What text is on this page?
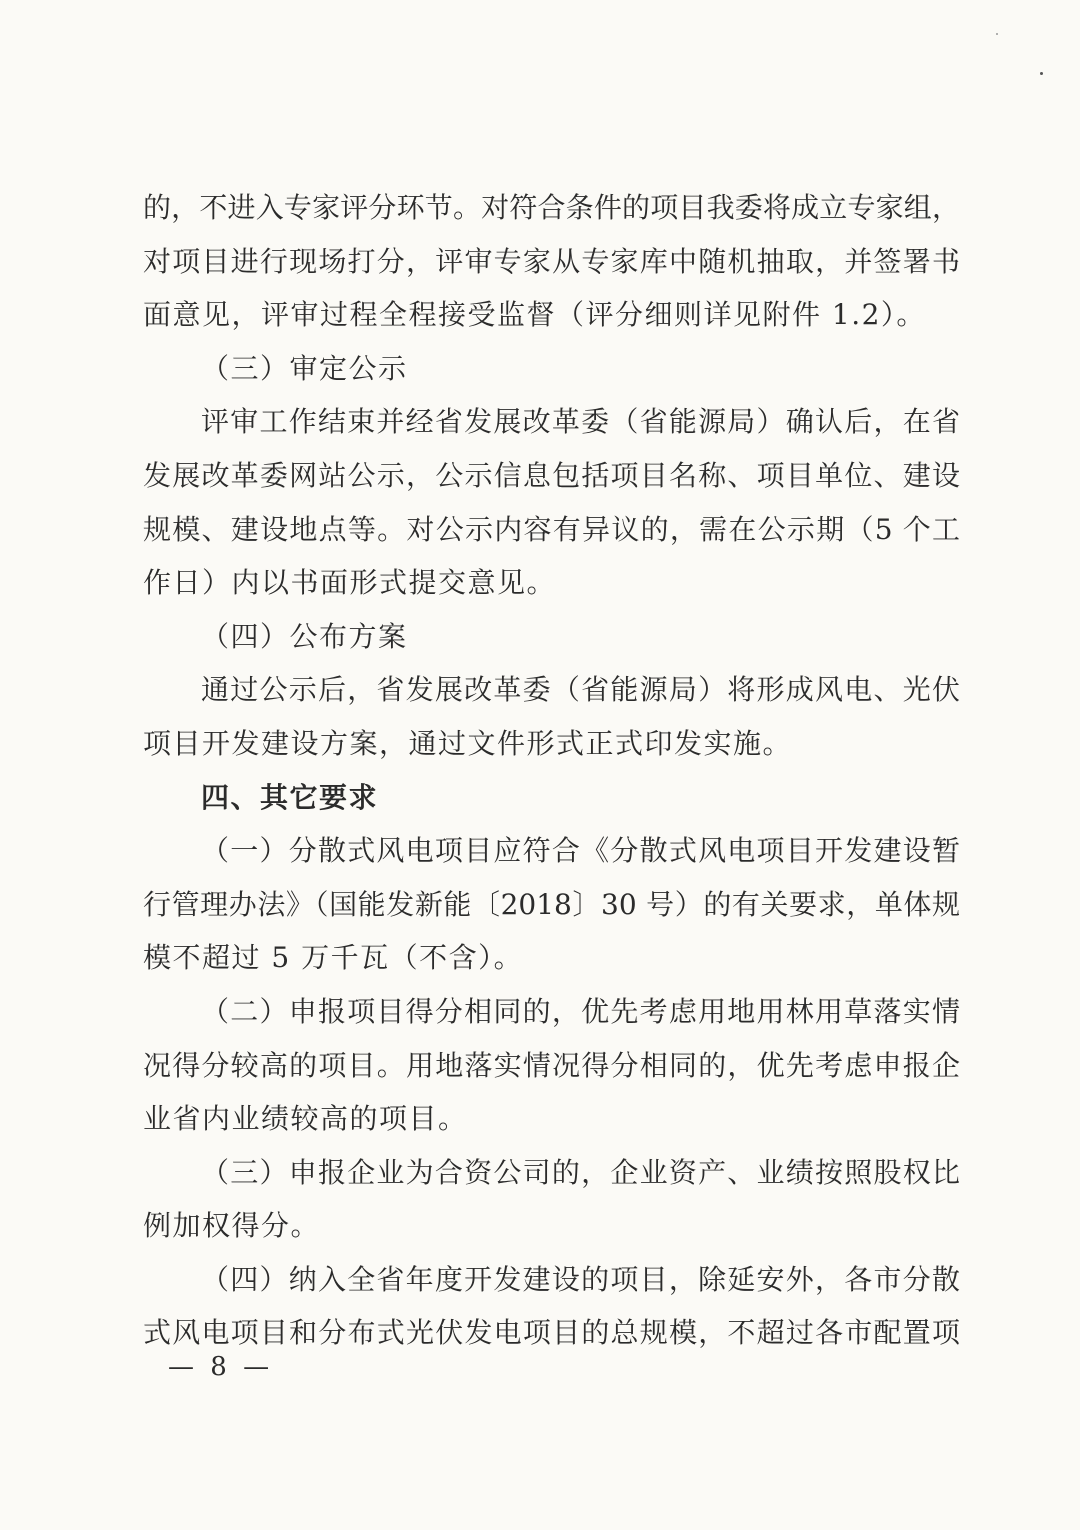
的，不进入专家评分环节。对符合条件的项目我委将成立专家组，
对项目进行现场打分，评审专家从专家库中随机抽取，并签署书
面意见，评审过程全程接受监督（评分细则详见附件 1.2）。
（三）审定公示
评审工作结束并经省发展改革委（省能源局）确认后，在省
发展改革委网站公示，公示信息包括项目名称、项目单位、建设
规模、建设地点等。对公示内容有异议的，需在公示期（5 个工
作日）内以书面形式提交意见。
（四）公布方案
通过公示后，省发展改革委（省能源局）将形成风电、光伏
项目开发建设方案，通过文件形式正式印发实施。
四、其它要求
（一）分散式风电项目应符合《分散式风电项目开发建设暂
行管理办法》（国能发新能〔2018〕30 号）的有关要求，单体规
模不超过 5 万千瓦（不含）。
（二）申报项目得分相同的，优先考虑用地用林用草落实情
况得分较高的项目。用地落实情况得分相同的，优先考虑申报企
业省内业绩较高的项目。
（三）申报企业为合资公司的，企业资产、业绩按照股权比
例加权得分。
（四）纳入全省年度开发建设的项目，除延安外，各市分散
式风电项目和分布式光伏发电项目的总规模，不超过各市配置项
— 8 —
